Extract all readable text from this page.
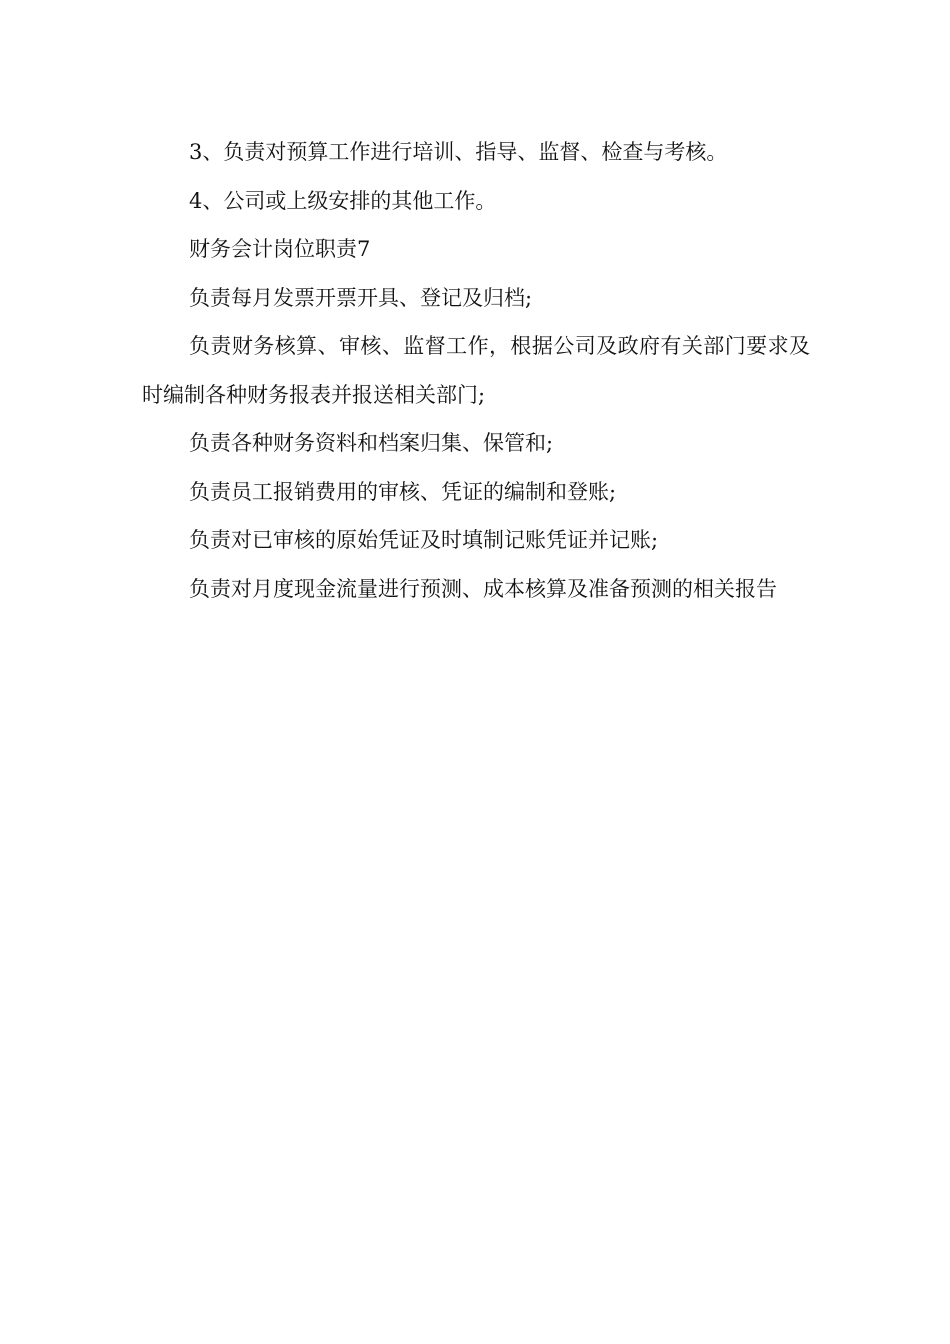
3、负责对预算工作进行培训、指导、监督、检查与考核。

4、公司或上级安排的其他工作。

财务会计岗位职责7

负责每月发票开票开具、登记及归档;

负责财务核算、审核、监督工作，根据公司及政府有关部门要求及时编制各种财务报表并报送相关部门;

负责各种财务资料和档案归集、保管和;

负责员工报销费用的审核、凭证的编制和登账;

负责对已审核的原始凭证及时填制记账凭证并记账;

负责对月度现金流量进行预测、成本核算及准备预测的相关报告
